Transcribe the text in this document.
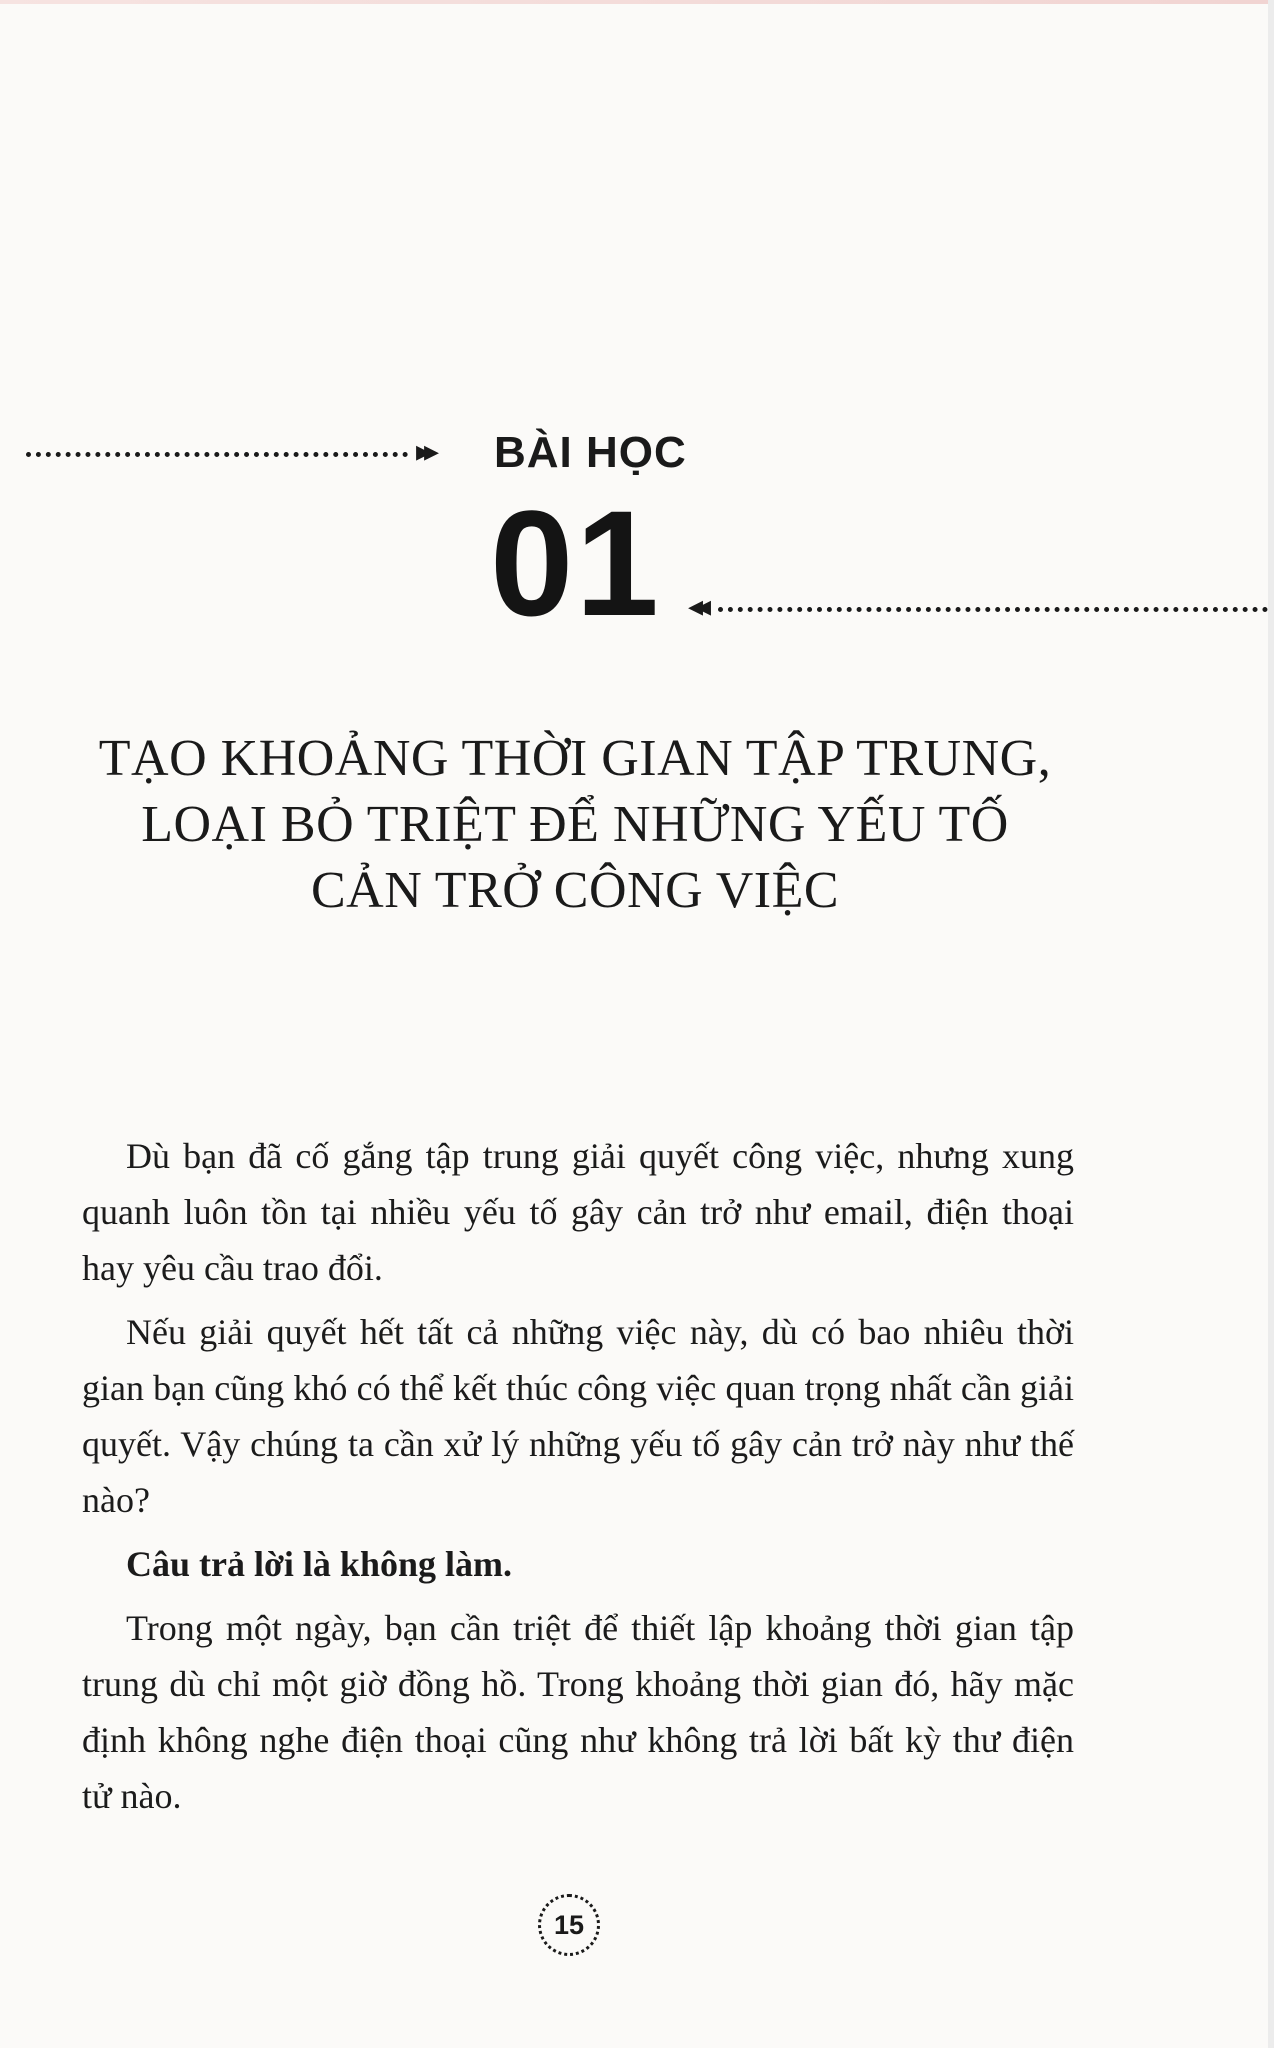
▸▸ BÀI HỌC
01 ◂◂
TẠO KHOẢNG THỜI GIAN TẬP TRUNG,
LOẠI BỎ TRIỆT ĐỂ NHỮNG YẾU TỐ
CẢN TRỞ CÔNG VIỆC

Dù bạn đã cố gắng tập trung giải quyết công việc, nhưng xung quanh luôn tồn tại nhiều yếu tố gây cản trở như email, điện thoại hay yêu cầu trao đổi.

Nếu giải quyết hết tất cả những việc này, dù có bao nhiêu thời gian bạn cũng khó có thể kết thúc công việc quan trọng nhất cần giải quyết. Vậy chúng ta cần xử lý những yếu tố gây cản trở này như thế nào?

Câu trả lời là không làm.

Trong một ngày, bạn cần triệt để thiết lập khoảng thời gian tập trung dù chỉ một giờ đồng hồ. Trong khoảng thời gian đó, hãy mặc định không nghe điện thoại cũng như không trả lời bất kỳ thư điện tử nào.

15
